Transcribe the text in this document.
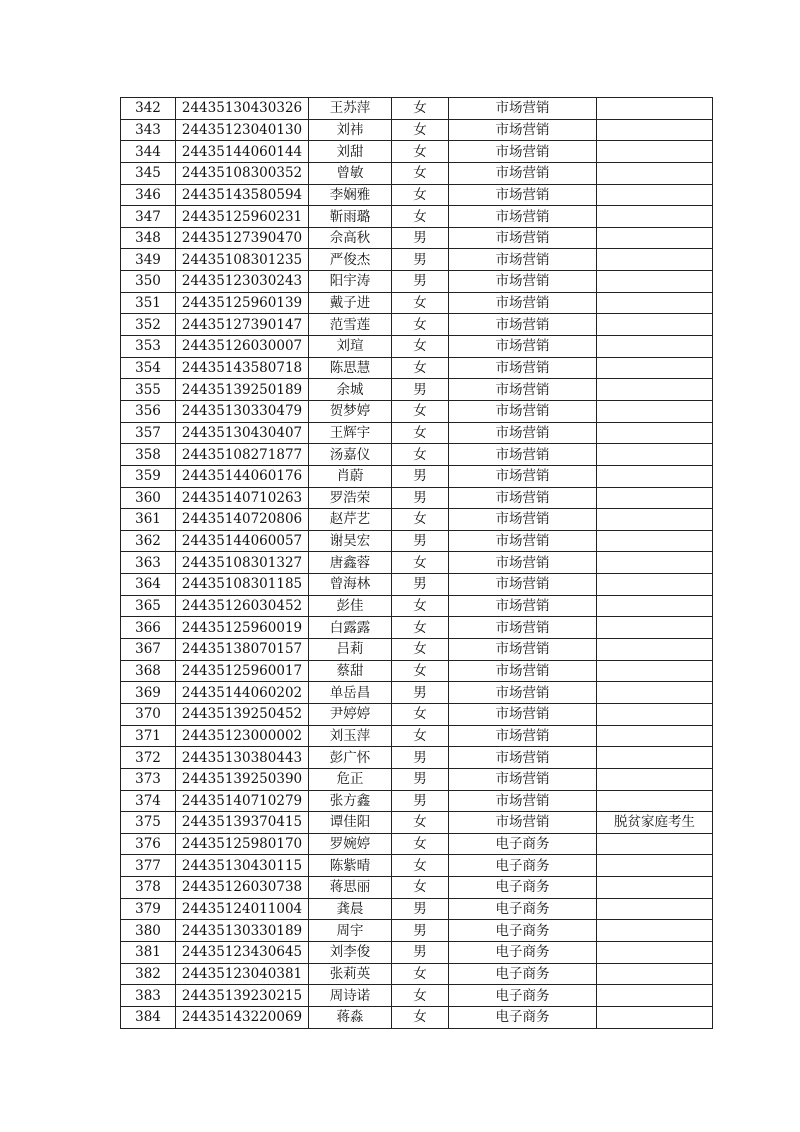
342	24435130430326	王苏萍	女	市场营销	
343	24435123040130	刘祎	女	市场营销	
344	24435144060144	刘甜	女	市场营销	
345	24435108300352	曾敏	女	市场营销	
346	24435143580594	李娴雅	女	市场营销	
347	24435125960231	靳雨璐	女	市场营销	
348	24435127390470	佘高秋	男	市场营销	
349	24435108301235	严俊杰	男	市场营销	
350	24435123030243	阳宇涛	男	市场营销	
351	24435125960139	戴子进	女	市场营销	
352	24435127390147	范雪莲	女	市场营销	
353	24435126030007	刘瑄	女	市场营销	
354	24435143580718	陈思慧	女	市场营销	
355	24435139250189	余城	男	市场营销	
356	24435130330479	贺梦婷	女	市场营销	
357	24435130430407	王辉宇	女	市场营销	
358	24435108271877	汤嘉仪	女	市场营销	
359	24435144060176	肖蔚	男	市场营销	
360	24435140710263	罗浩荣	男	市场营销	
361	24435140720806	赵芹艺	女	市场营销	
362	24435144060057	谢昊宏	男	市场营销	
363	24435108301327	唐鑫蓉	女	市场营销	
364	24435108301185	曾海林	男	市场营销	
365	24435126030452	彭佳	女	市场营销	
366	24435125960019	白露露	女	市场营销	
367	24435138070157	吕莉	女	市场营销	
368	24435125960017	蔡甜	女	市场营销	
369	24435144060202	单岳昌	男	市场营销	
370	24435139250452	尹婷婷	女	市场营销	
371	24435123000002	刘玉萍	女	市场营销	
372	24435130380443	彭广怀	男	市场营销	
373	24435139250390	危正	男	市场营销	
374	24435140710279	张方鑫	男	市场营销	
375	24435139370415	谭佳阳	女	市场营销	脱贫家庭考生
376	24435125980170	罗婉婷	女	电子商务	
377	24435130430115	陈紫晴	女	电子商务	
378	24435126030738	蒋思丽	女	电子商务	
379	24435124011004	龚晨	男	电子商务	
380	24435130330189	周宇	男	电子商务	
381	24435123430645	刘李俊	男	电子商务	
382	24435123040381	张莉英	女	电子商务	
383	24435139230215	周诗诺	女	电子商务	
384	24435143220069	蒋淼	女	电子商务	
